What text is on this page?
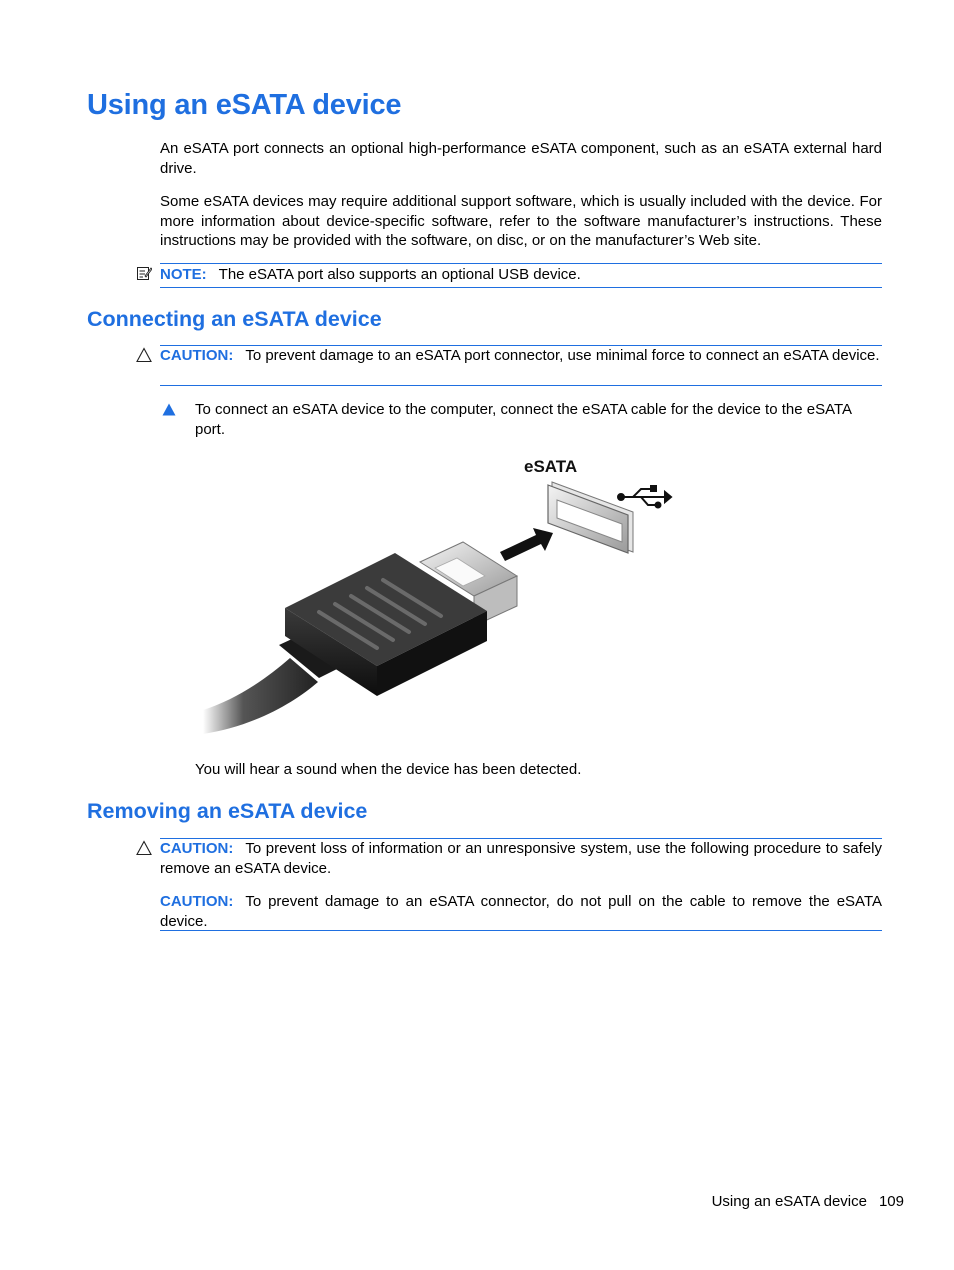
Using an eSATA device

An eSATA port connects an optional high-performance eSATA component, such as an eSATA external hard drive.

Some eSATA devices may require additional support software, which is usually included with the device. For more information about device-specific software, refer to the software manufacturer’s instructions. These instructions may be provided with the software, on disc, or on the manufacturer’s Web site.

NOTE: The eSATA port also supports an optional USB device.

Connecting an eSATA device

CAUTION: To prevent damage to an eSATA port connector, use minimal force to connect an eSATA device.

To connect an eSATA device to the computer, connect the eSATA cable for the device to the eSATA port.

eSATA

You will hear a sound when the device has been detected.

Removing an eSATA device

CAUTION: To prevent loss of information or an unresponsive system, use the following procedure to safely remove an eSATA device.

CAUTION: To prevent damage to an eSATA connector, do not pull on the cable to remove the eSATA device.

Using an eSATA device 109
